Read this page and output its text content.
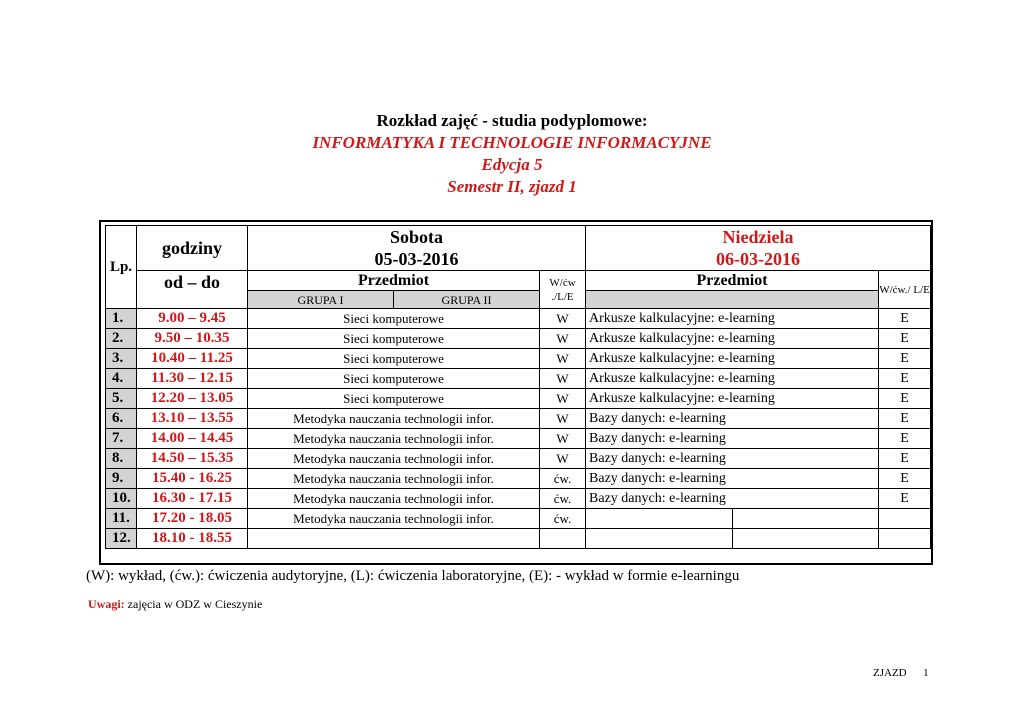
Rozkład zajęć - studia podyplomowe:
INFORMATYKA I TECHNOLOGIE INFORMACYJNE
Edycja 5
Semestr II, zjazd 1
Lp.	godziny	Sobota			Niedziela		
		05-03-2016			06-03-2016		
	od – do	Przedmiot		W/ćw ./L/E	Przedmiot		W/ćw./ L/E
		GRUPA I	GRUPA II				
1.	9.00 – 9.45	Sieci komputerowe		W	Arkusze kalkulacyjne: e-learning		E
2.	9.50 – 10.35	Sieci komputerowe		W	Arkusze kalkulacyjne: e-learning		E
3.	10.40 – 11.25	Sieci komputerowe		W	Arkusze kalkulacyjne: e-learning		E
4.	11.30 – 12.15	Sieci komputerowe		W	Arkusze kalkulacyjne: e-learning		E
5.	12.20 – 13.05	Sieci komputerowe		W	Arkusze kalkulacyjne: e-learning		E
6.	13.10 – 13.55	Metodyka nauczania technologii infor.		W	Bazy danych: e-learning		E
7.	14.00 – 14.45	Metodyka nauczania technologii infor.		W	Bazy danych: e-learning		E
8.	14.50 – 15.35	Metodyka nauczania technologii infor.		W	Bazy danych: e-learning		E
9.	15.40 - 16.25	Metodyka nauczania technologii infor.		ćw.	Bazy danych: e-learning		E
10.	16.30 - 17.15	Metodyka nauczania technologii infor.		ćw.	Bazy danych: e-learning		E
11.	17.20 - 18.05	Metodyka nauczania technologii infor.		ćw.			
12.	18.10 - 18.55						
(W): wykład, (ćw.): ćwiczenia audytoryjne, (L): ćwiczenia laboratoryjne, (E): - wykład w formie e-learningu
Uwagi: zajęcia w ODZ w Cieszynie
ZJAZD 1
